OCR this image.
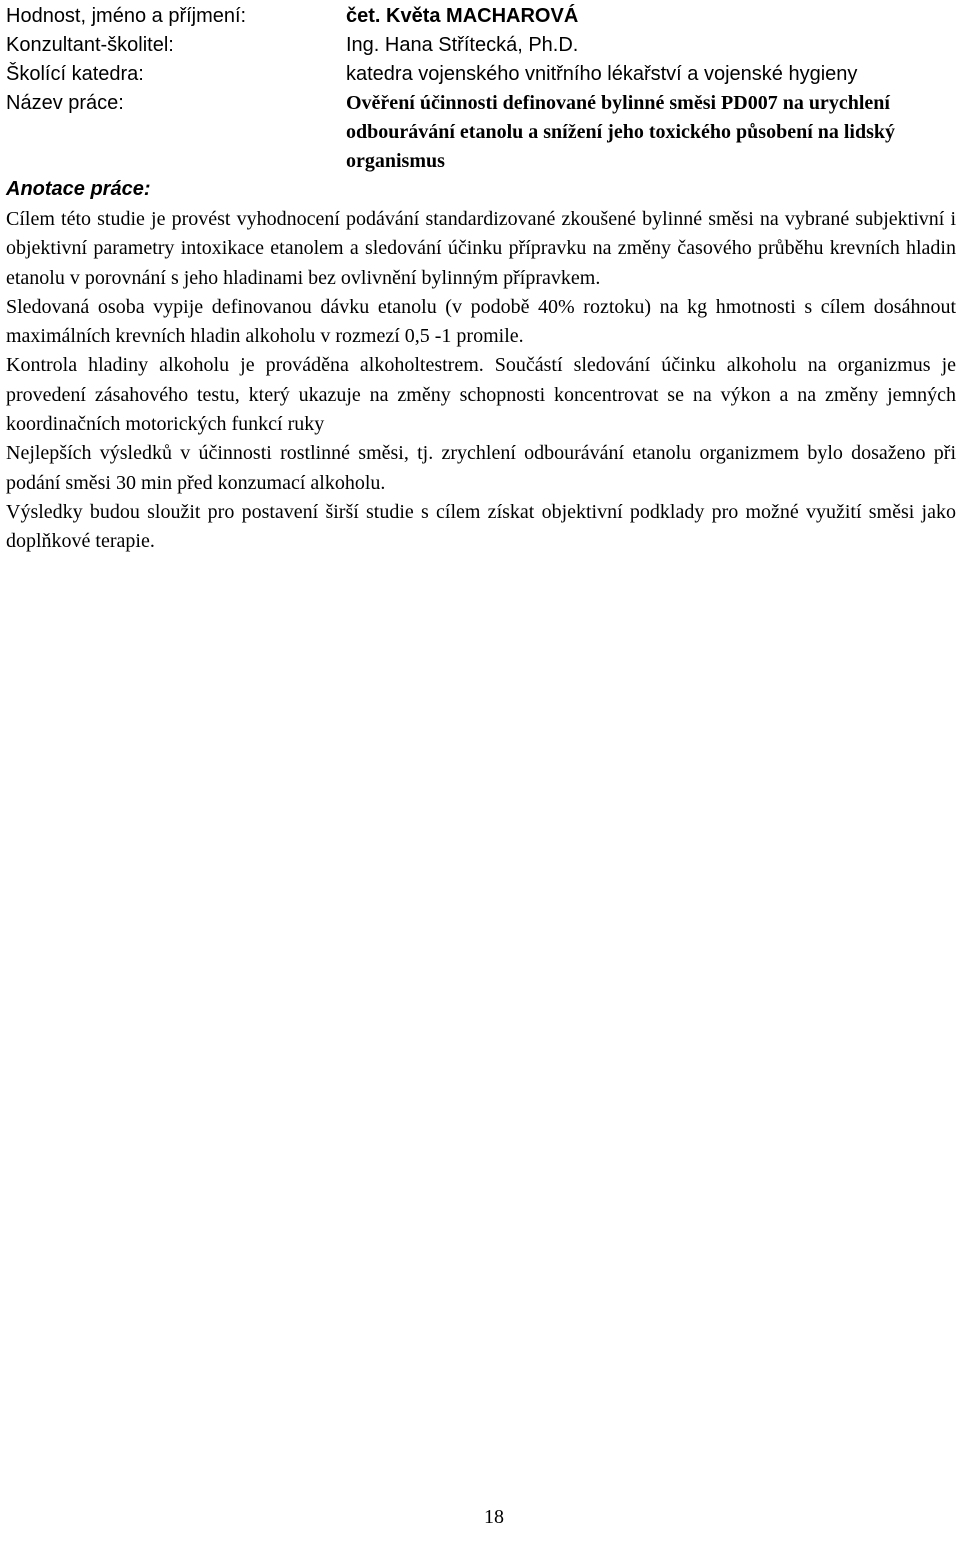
Hodnost, jméno a příjmení:	čet. Květa MACHAROVÁ
Konzultant-školitel:	Ing. Hana Střítecká, Ph.D.
Školící katedra:	katedra vojenského vnitřního lékařství a vojenské hygieny
Název práce:	Ověření účinnosti definované bylinné směsi PD007 na urychlení odbourávání etanolu a snížení jeho toxického působení na lidský organismus
Anotace práce:

Cílem této studie je provést vyhodnocení podávání standardizované zkoušené bylinné směsi na vybrané subjektivní i objektivní parametry intoxikace etanolem a sledování účinku přípravku na změny časového průběhu krevních hladin etanolu v porovnání s jeho hladinami bez ovlivnění bylinným přípravkem.

Sledovaná osoba vypije definovanou dávku etanolu (v podobě 40% roztoku) na kg hmotnosti s cílem dosáhnout maximálních krevních hladin alkoholu v rozmezí 0,5 -1 promile.

Kontrola hladiny alkoholu je prováděna alkoholtestrem. Součástí sledování účinku alkoholu na organizmus je provedení zásahového testu, který ukazuje na změny schopnosti koncentrovat se na výkon a na změny jemných koordinačních motorických funkcí ruky

Nejlepších výsledků v účinnosti rostlinné směsi, tj. zrychlení odbourávání etanolu organizmem bylo dosaženo při podání směsi 30 min před konzumací alkoholu.

Výsledky budou sloužit pro postavení širší studie s cílem získat objektivní podklady pro možné využití směsi jako doplňkové terapie.

18
